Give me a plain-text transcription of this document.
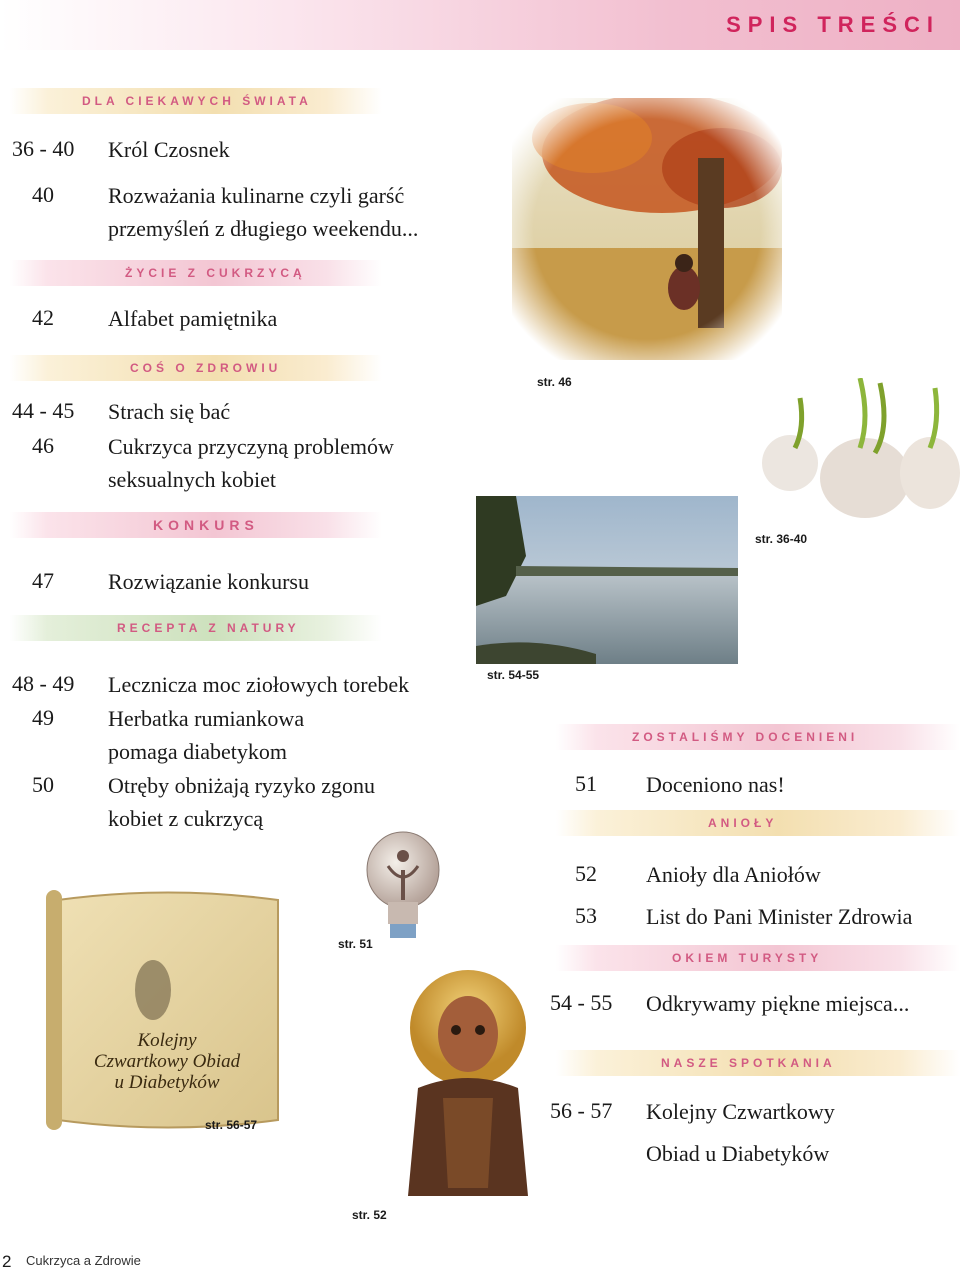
SPIS TREŚCI
DLA CIEKAWYCH ŚWIATA
36 - 40 Król Czosnek
40 Rozważania kulinarne czyli garść
przemyśleń z długiego weekendu...
ŻYCIE Z CUKRZYCĄ
42 Alfabet pamiętnika
COŚ O ZDROWIU
44 - 45 Strach się bać
46 Cukrzyca przyczyną problemów
seksualnych kobiet
KONKURS
47 Rozwiązanie konkursu
RECEPTA Z NATURY
48 - 49 Lecznicza moc ziołowych torebek
49 Herbatka rumiankowa
pomaga diabetykom
50 Otręby obniżają ryzyko zgonu
kobiet z cukrzycą
ZOSTALIŚMY DOCENIENI
51 Doceniono nas!
ANIOŁY
52 Anioły dla Aniołów
53 List do Pani Minister Zdrowia
OKIEM TURYSTY
54 - 55 Odkrywamy piękne miejsca...
NASZE SPOTKANIA
56 - 57 Kolejny Czwartkowy
Obiad u Diabetyków
str. 46
str. 36-40
str. 54-55
str. 51
Kolejny
Czwartkowy Obiad
u Diabetyków
str. 56-57
str. 52
2 Cukrzyca a Zdrowie
